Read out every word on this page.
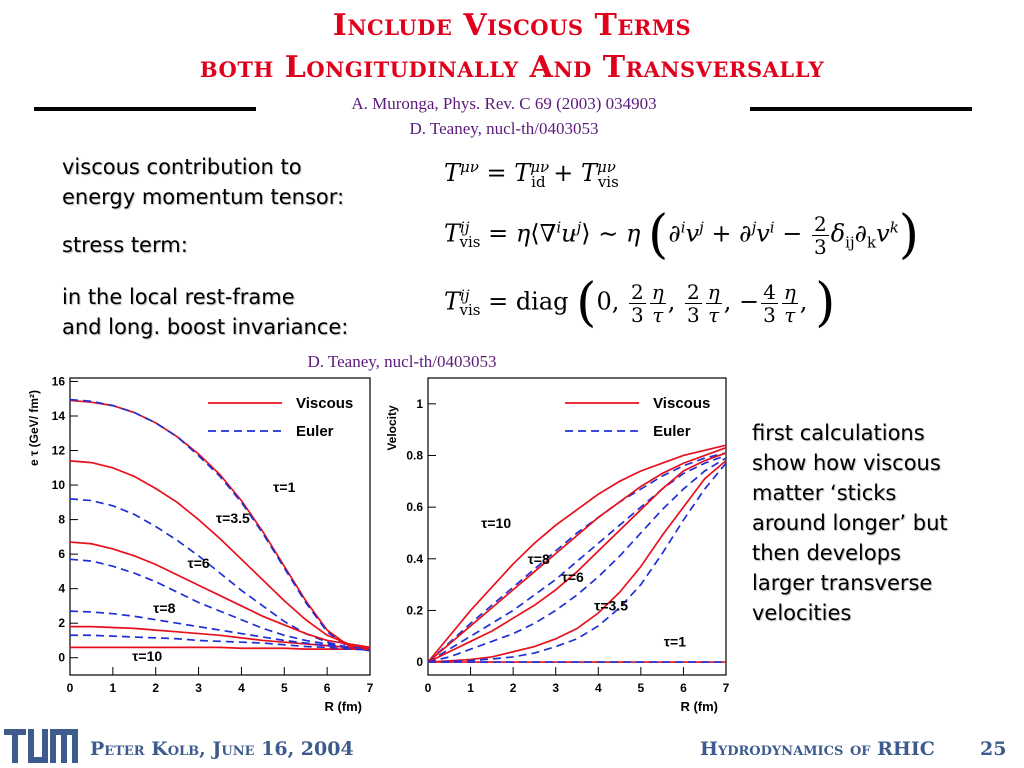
Include Viscous Terms
both Longitudinally And Transversally
A. Muronga, Phys. Rev. C 69 (2003) 034903
D. Teaney, nucl-th/0403053
viscous contribution to
energy momentum tensor:
stress term:
in the local rest-frame
and long. boost invariance:
$T^{\mu\nu} = T^{\mu\nu}_{id} + T^{\mu\nu}_{vis}$
$T^{ij}_{vis}$ = $\eta⟨\nabla^iu^j⟩$ ∼ η $(\partial^iv^j + \partial^jv^i - \frac{2}{3} \delta_{ij}\partial_kv^k)$
$T^{ij}_{vis}$ = diag (0, $\frac{2}{3} \frac{\eta}{\tau}$ , $\frac{2}{3} \frac{\eta}{\tau}$ , − $\frac{4}{3} \frac{\eta}{\tau}$ , )
D. Teaney, nucl-th/0403053
0	1	2	3	4	5	6	7
0
2
4
6
8
10
12
14
16
R (fm)
e τ (GeV/ fm²)	Viscous
Euler
τ=1
τ=3.5
τ=6
τ=8
τ=10
0	1	2	3	4	5	6	7
0
0.2
0.4
0.6
0.8
1
R (fm)
Velocity
Viscous
Euler
τ=10
τ=8
τ=6
τ=3.5
τ=1
first calculations
show how viscous
matter ‘sticks
around longer’ but
then develops
larger transverse
velocities
Peter Kolb, June 16, 2004	Hydrodynamics of RHIC 25
